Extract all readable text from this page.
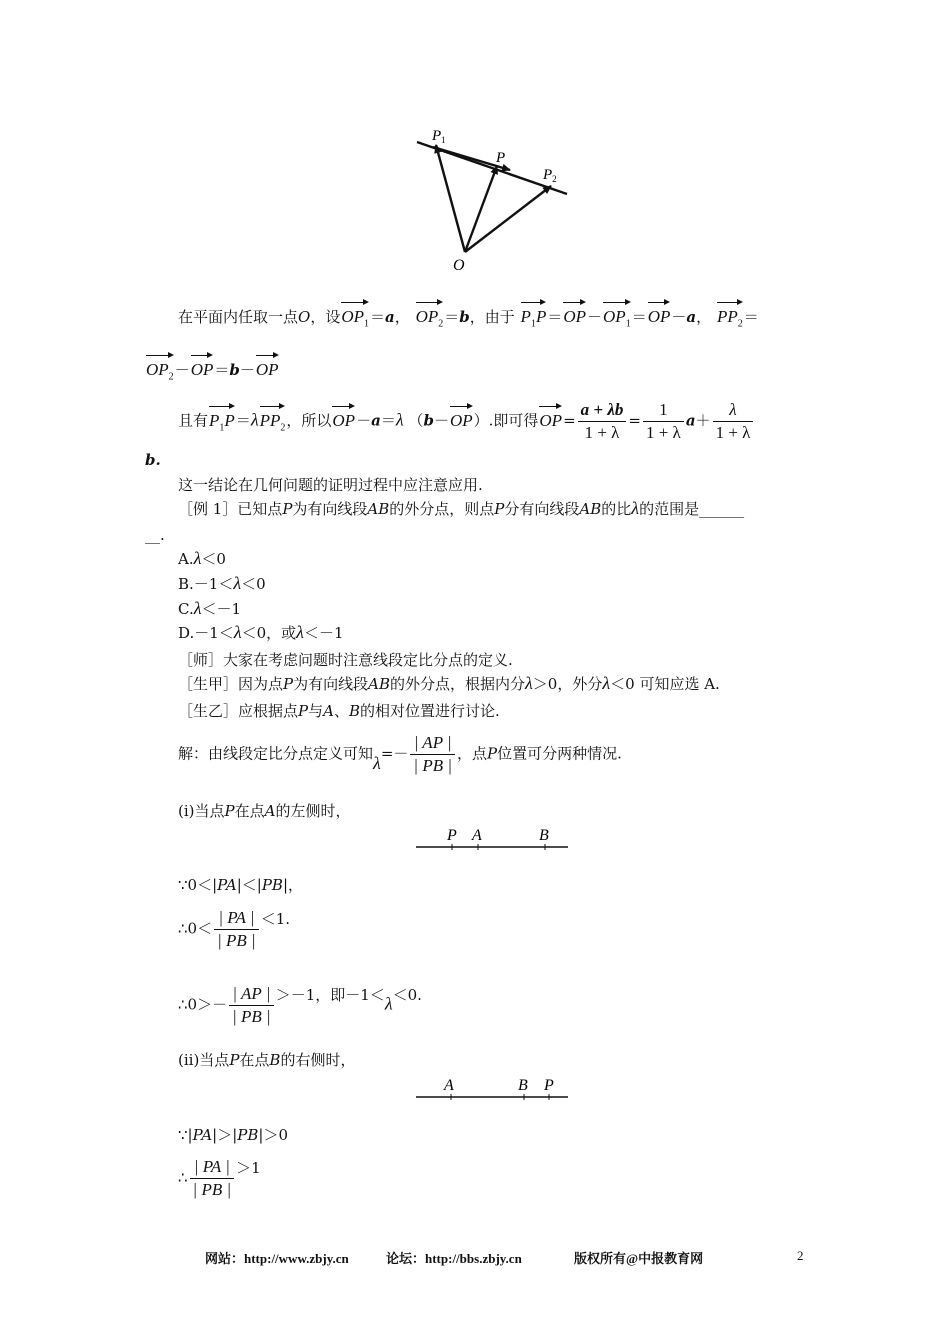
$P_1$
P
$P_2$
O
在平面内任取一点O，设$OP_1=a$， $OP_2=b$，由于 $P_1P=OP-OP_1=OP-a$， $PP_2=$
$OP_2-OP=b-OP$
且有$P_1P=\lambda PP_2$，所以OP－a＝λ （b－OP）.即可得$OP= \frac{a + \lambda b}{1 + \lambda} = \frac{1}{1 + \lambda} a+ \frac{\lambda}{1 + \lambda}$
b.
这一结论在几何问题的证明过程中应注意应用.
［例 1］已知点P为有向线段AB的外分点，则点P分有向线段AB的比λ的范围是______
__.
A.λ＜0
B.－1＜λ＜0
C.λ＜－1
D.－1＜λ＜0，或λ＜－1
［师］大家在考虑问题时注意线段定比分点的定义.
［生甲］因为点P为有向线段AB的外分点，根据内分λ＞0，外分λ＜0 可知应选 A.
［生乙］应根据点P与A、B的相对位置进行讨论.
解：由线段定比分点定义可知$\lambda=- \frac{| AP |}{| PB |}$ ，点P位置可分两种情况.
(ⅰ)当点P在点A的左侧时，
P A	B
∵0＜|PA|＜|PB|，
∴0＜ $\frac{| PA |}{| PB |} <1$.
∴0＞－ $\frac{| AP |}{| PB |} >-1$，即－1＜λ＜0.
(ⅱ)当点P在点B的右侧时，
A	B P
∵|PA|＞|PB|＞0
∴ $\frac{| PA |}{| PB |} >1$
网站：http://www.zbjy.cn	论坛：http://bbs.zbjy.cn	版权所有@中报教育网	2
